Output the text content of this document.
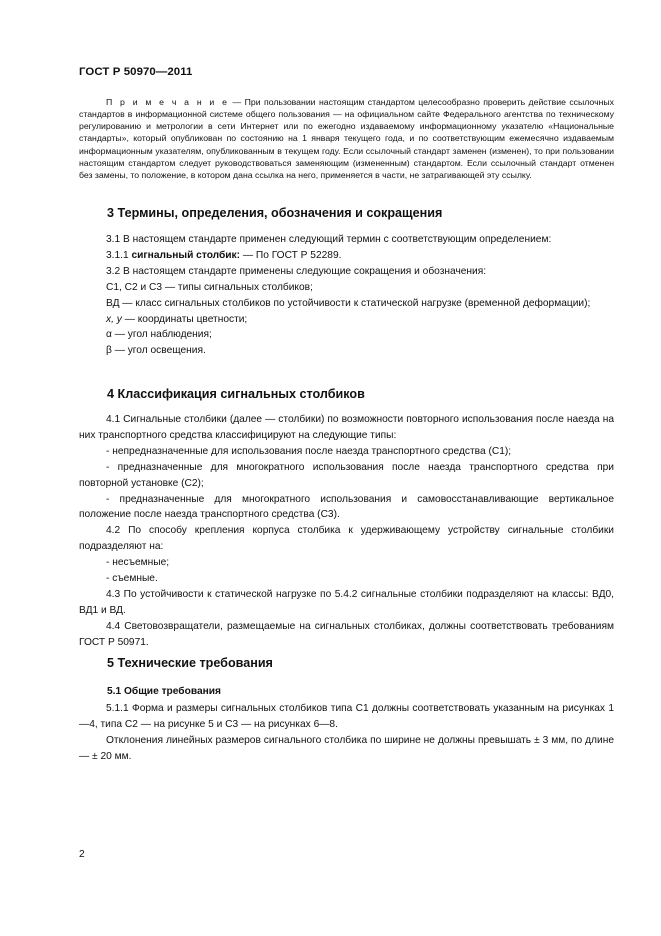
ГОСТ Р 50970—2011

П р и м е ч а н и е — При пользовании настоящим стандартом целесообразно проверить действие ссылочных стандартов в информационной системе общего пользования — на официальном сайте Федерального агентства по техническому регулированию и метрологии в сети Интернет или по ежегодно издаваемому информационному указателю «Национальные стандарты», который опубликован по состоянию на 1 января текущего года, и по соответствующим ежемесячно издаваемым информационным указателям, опубликованным в текущем году. Если ссылочный стандарт заменен (изменен), то при пользовании настоящим стандартом следует руководствоваться заменяющим (измененным) стандартом. Если ссылочный стандарт отменен без замены, то положение, в котором дана ссылка на него, применяется в части, не затрагивающей эту ссылку.

3 Термины, определения, обозначения и сокращения

3.1 В настоящем стандарте применен следующий термин с соответствующим определением:

3.1.1 сигнальный столбик: — По ГОСТ Р 52289.

3.2 В настоящем стандарте применены следующие сокращения и обозначения:

С1, С2 и С3 — типы сигнальных столбиков;

ВД — класс сигнальных столбиков по устойчивости к статической нагрузке (временной деформации);

х, у — координаты цветности;

α — угол наблюдения;

β — угол освещения.

4 Классификация сигнальных столбиков

4.1 Сигнальные столбики (далее — столбики) по возможности повторного использования после наезда на них транспортного средства классифицируют на следующие типы:

- непредназначенные для использования после наезда транспортного средства (С1);

- предназначенные для многократного использования после наезда транспортного средства при повторной установке (С2);

- предназначенные для многократного использования и самовосстанавливающие вертикальное положение после наезда транспортного средства (С3).

4.2 По способу крепления корпуса столбика к удерживающему устройству сигнальные столбики подразделяют на:

- несъемные;

- съемные.

4.3 По устойчивости к статической нагрузке по 5.4.2 сигнальные столбики подразделяют на классы: ВД0, ВД1 и ВД.

4.4 Световозвращатели, размещаемые на сигнальных столбиках, должны соответствовать требованиям ГОСТ Р 50971.

5 Технические требования
5.1 Общие требования

5.1.1 Форма и размеры сигнальных столбиков типа С1 должны соответствовать указанным на рисунках 1—4, типа С2 — на рисунке 5 и С3 — на рисунках 6—8.

Отклонения линейных размеров сигнального столбика по ширине не должны превышать ± 3 мм, по длине — ± 20 мм.

2
